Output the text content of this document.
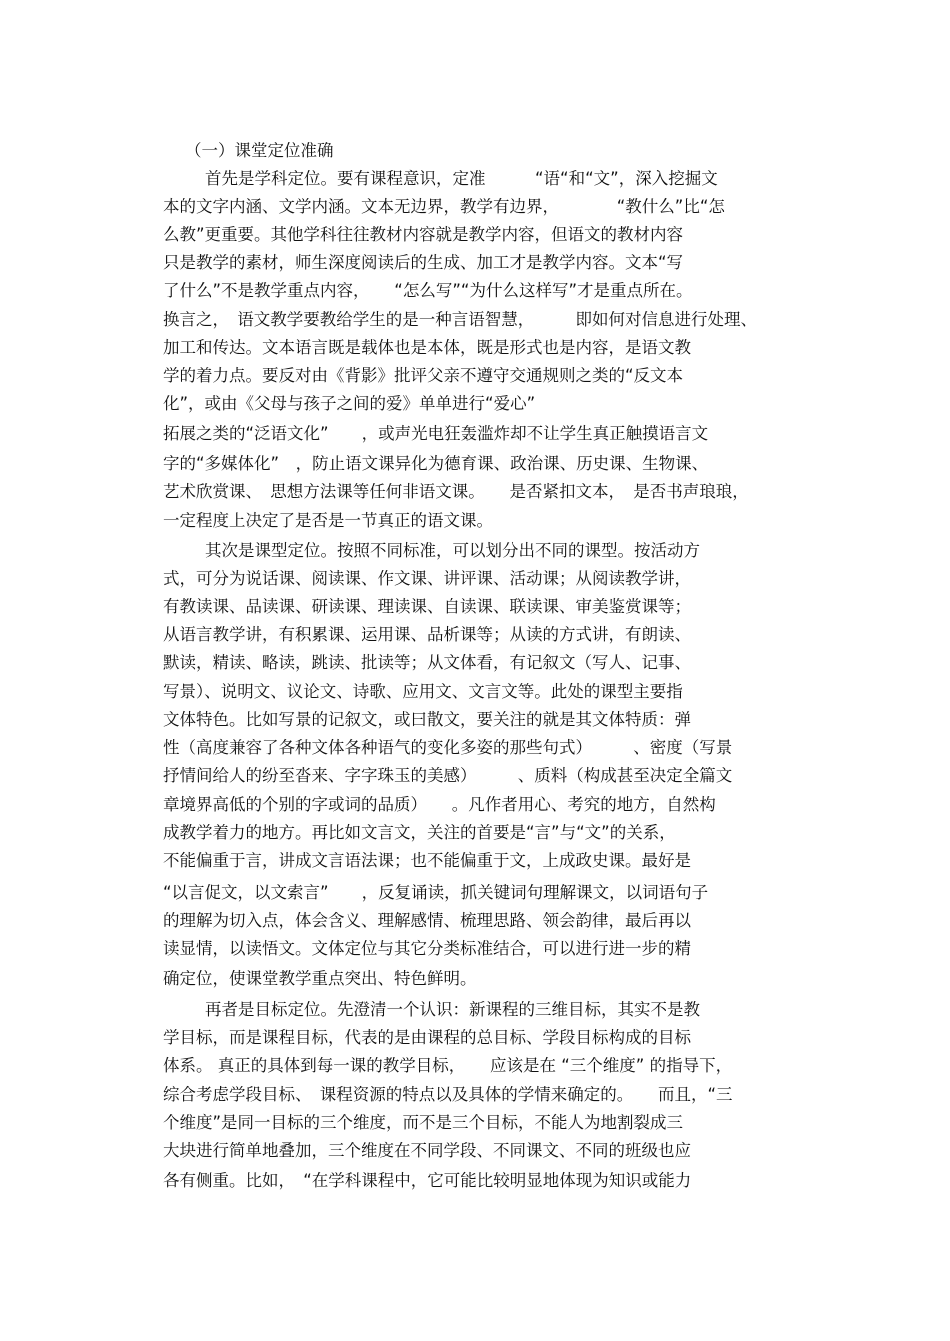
（一）课堂定位准确
首先是学科定位。要有课程意识，定准　　　“语“和“文”，深入挖掘文
本的文字内涵、文学内涵。文本无边界，教学有边界，　　　　“教什么”比“怎
么教”更重要。其他学科往往教材内容就是教学内容，但语文的教材内容
只是教学的素材，师生深度阅读后的生成、加工才是教学内容。文本“写
了什么”不是教学重点内容，　　“怎么写”“为什么这样写”才是重点所在。
换言之，　语文教学要教给学生的是一种言语智慧，　　　即如何对信息进行处理、
加工和传达。文本语言既是载体也是本体，既是形式也是内容，是语文教
学的着力点。要反对由《背影》批评父亲不遵守交通规则之类的“反文本
化”，或由《父母与孩子之间的爱》单单进行“爱心”
拓展之类的“泛语文化”　　，或声光电狂轰滥炸却不让学生真正触摸语言文
字的“多媒体化”　，防止语文课异化为德育课、政治课、历史课、生物课、
艺术欣赏课、　思想方法课等任何非语文课。　　是否紧扣文本，　是否书声琅琅，
一定程度上决定了是否是一节真正的语文课。
其次是课型定位。按照不同标准，可以划分出不同的课型。按活动方
式，可分为说话课、阅读课、作文课、讲评课、活动课；从阅读教学讲，
有教读课、品读课、研读课、理读课、自读课、联读课、审美鉴赏课等；
从语言教学讲，有积累课、运用课、品析课等；从读的方式讲，有朗读、
默读，精读、略读，跳读、批读等；从文体看，有记叙文（写人、记事、
写景）、说明文、议论文、诗歌、应用文、文言文等。此处的课型主要指
文体特色。比如写景的记叙文，或曰散文，要关注的就是其文体特质：弹
性（高度兼容了各种文体各种语气的变化多姿的那些句式）　　　、密度（写景
抒情间给人的纷至沓来、字字珠玉的美感）　　　、质料（构成甚至决定全篇文
章境界高低的个别的字或词的品质）　　。凡作者用心、考究的地方，自然构
成教学着力的地方。再比如文言文，关注的首要是“言”与“文”的关系，
不能偏重于言，讲成文言语法课；也不能偏重于文，上成政史课。最好是
“以言促文，以文索言”　　，反复诵读，抓关键词句理解课文，以词语句子
的理解为切入点，体会含义、理解感情、梳理思路、领会韵律，最后再以
读显情，以读悟文。文体定位与其它分类标准结合，可以进行进一步的精
确定位，使课堂教学重点突出、特色鲜明。
再者是目标定位。先澄清一个认识：新课程的三维目标，其实不是教
学目标，而是课程目标，代表的是由课程的总目标、学段目标构成的目标
体系。 真正的具体到每一课的教学目标，　　应该是在 “三个维度” 的指导下，
综合考虑学段目标、　课程资源的特点以及具体的学情来确定的。　　而且，“三
个维度”是同一目标的三个维度，而不是三个目标，不能人为地割裂成三
大块进行简单地叠加，三个维度在不同学段、不同课文、不同的班级也应
各有侧重。比如，　“在学科课程中，它可能比较明显地体现为知识或能力
